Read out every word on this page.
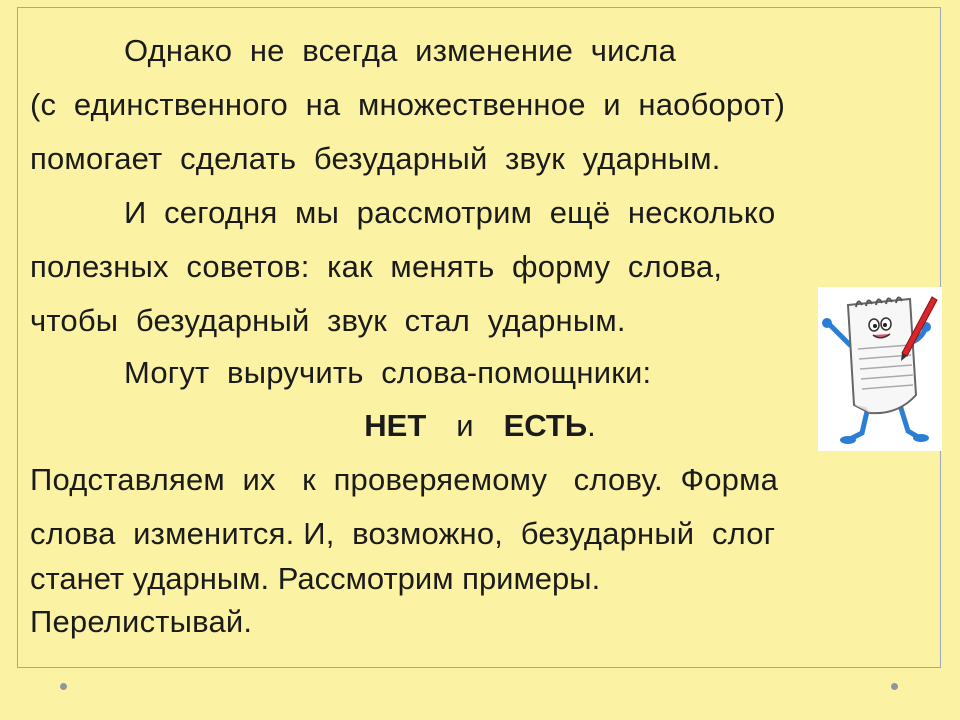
Однако  не  всегда  изменение  числа
(с  единственного  на  множественное  и  наоборот)
помогает  сделать  безударный  звук  ударным.
И  сегодня  мы  рассмотрим  ещё  несколько
полезных  советов:  как  менять  форму  слова,
чтобы  безударный  звук  стал  ударным.
Могут  выручить  слова-помощники:
НЕТ и ЕСТЬ.
Подставляем  их   к  проверяемому   слову.  Форма
слова  изменится. И,  возможно,  безударный  слог
станет ударным. Рассмотрим примеры.
Перелистывай.
